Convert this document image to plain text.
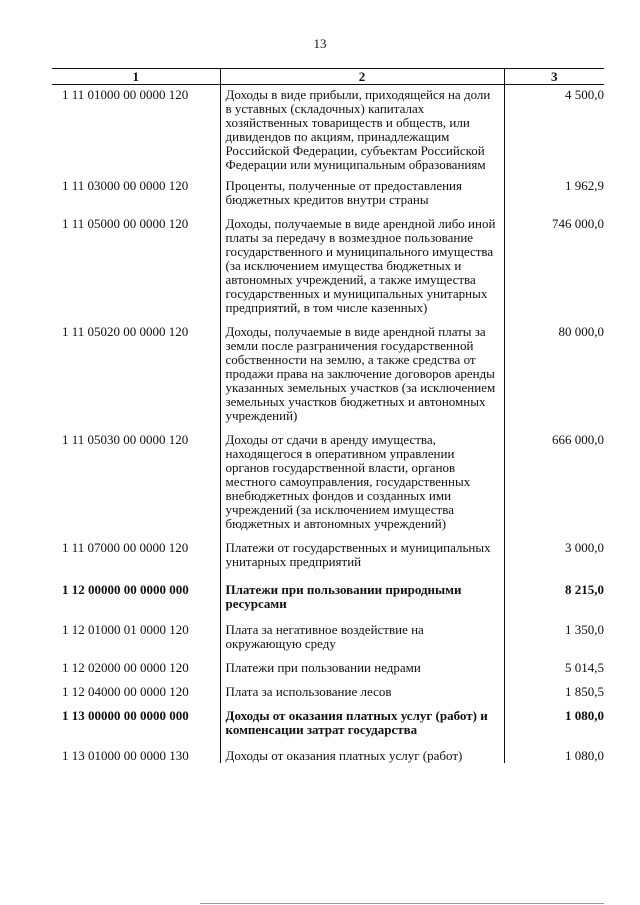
13
1	2	3
1 11 01000 00 0000 120	Доходы в виде прибыли, приходящейся на доли в уставных (складочных) капиталах хозяйственных товариществ и обществ, или дивидендов по акциям, принадлежащим Российской Федерации, субъектам Российской Федерации или муниципальным образованиям	4 500,0
1 11 03000 00 0000 120	Проценты, полученные от предоставления бюджетных кредитов внутри страны	1 962,9
1 11 05000 00 0000 120	Доходы, получаемые в виде арендной либо иной платы за передачу в возмездное пользование государственного и муниципального имущества (за исключением имущества бюджетных и автономных учреждений, а также имущества государственных и муниципальных унитарных предприятий, в том числе казенных)	746 000,0
1 11 05020 00 0000 120	Доходы, получаемые в виде арендной платы за земли после разграничения государственной собственности на землю, а также средства от продажи права на заключение договоров аренды указанных земельных участков (за исключением земельных участков бюджетных и автономных учреждений)	80 000,0
1 11 05030 00 0000 120	Доходы от сдачи в аренду имущества, находящегося в оперативном управлении органов государственной власти, органов местного самоуправления, государственных внебюджетных фондов и созданных ими учреждений (за исключением имущества бюджетных и автономных учреждений)	666 000,0
1 11 07000 00 0000 120	Платежи от государственных и муниципальных унитарных предприятий	3 000,0
1 12 00000 00 0000 000	Платежи при пользовании природными ресурсами	8 215,0
1 12 01000 01 0000 120	Плата за негативное воздействие на окружающую среду	1 350,0
1 12 02000 00 0000 120	Платежи при пользовании недрами	5 014,5
1 12 04000 00 0000 120	Плата за использование лесов	1 850,5
1 13 00000 00 0000 000	Доходы от оказания платных услуг (работ) и компенсации затрат государства	1 080,0
1 13 01000 00 0000 130	Доходы от оказания платных услуг (работ)	1 080,0
